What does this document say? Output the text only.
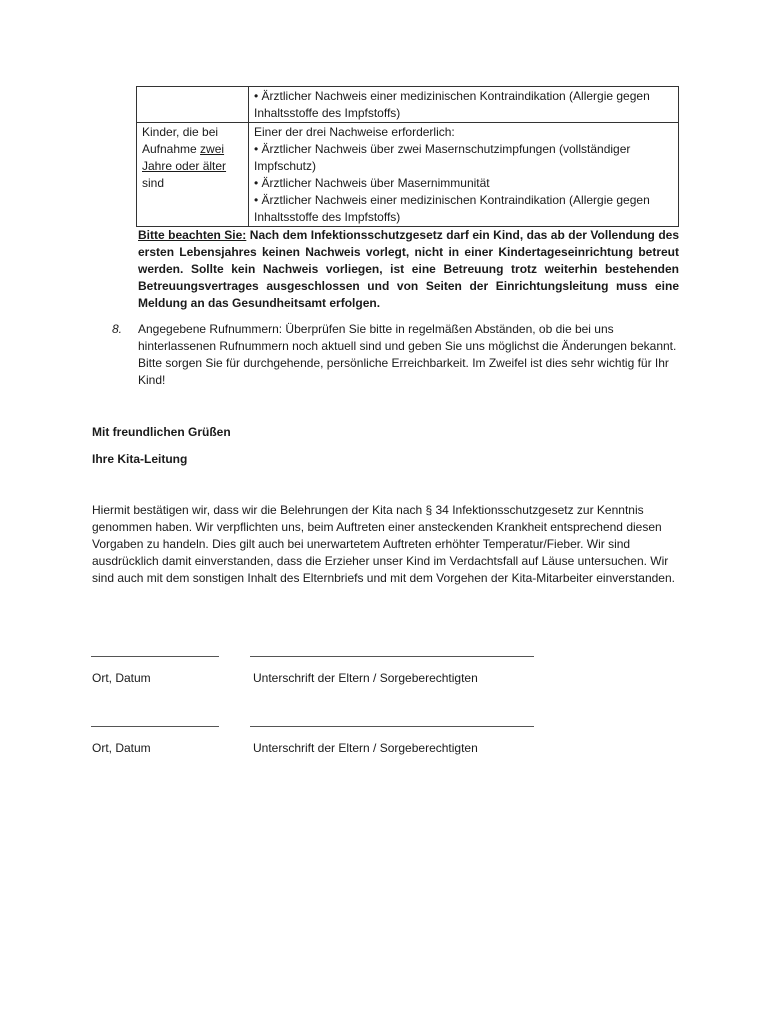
	• Ärztlicher Nachweis einer medizinischen Kontraindikation (Allergie gegen Inhaltsstoffe des Impfstoffs)

Kinder, die bei Aufnahme zwei Jahre oder älter sind	Einer der drei Nachweise erforderlich:
• Ärztlicher Nachweis über zwei Masernschutzimpfungen (vollständiger Impfschutz)
• Ärztlicher Nachweis über Masernimmunität
• Ärztlicher Nachweis einer medizinischen Kontraindikation (Allergie gegen Inhaltsstoffe des Impfstoffs)
Bitte beachten Sie: Nach dem Infektionsschutzgesetz darf ein Kind, das ab der Vollendung des ersten Lebensjahres keinen Nachweis vorlegt, nicht in einer Kindertageseinrichtung betreut werden. Sollte kein Nachweis vorliegen, ist eine Betreuung trotz weiterhin bestehenden Betreuungsvertrages ausgeschlossen und von Seiten der Einrichtungsleitung muss eine Meldung an das Gesundheitsamt erfolgen.
8. Angegebene Rufnummern: Überprüfen Sie bitte in regelmäßen Abständen, ob die bei uns hinterlassenen Rufnummern noch aktuell sind und geben Sie uns möglichst die Änderungen bekannt. Bitte sorgen Sie für durchgehende, persönliche Erreichbarkeit. Im Zweifel ist dies sehr wichtig für Ihr Kind!
Mit freundlichen Grüßen
Ihre Kita-Leitung
Hiermit bestätigen wir, dass wir die Belehrungen der Kita nach § 34 Infektionsschutzgesetz zur Kenntnis genommen haben. Wir verpflichten uns, beim Auftreten einer ansteckenden Krankheit entsprechend diesen Vorgaben zu handeln. Dies gilt auch bei unerwartetem Auftreten erhöhter Temperatur/Fieber. Wir sind ausdrücklich damit einverstanden, dass die Erzieher unser Kind im Verdachtsfall auf Läuse untersuchen. Wir sind auch mit dem sonstigen Inhalt des Elternbriefs und mit dem Vorgehen der Kita-Mitarbeiter einverstanden.
Ort, Datum	Unterschrift der Eltern / Sorgeberechtigten
Ort, Datum	Unterschrift der Eltern / Sorgeberechtigten
